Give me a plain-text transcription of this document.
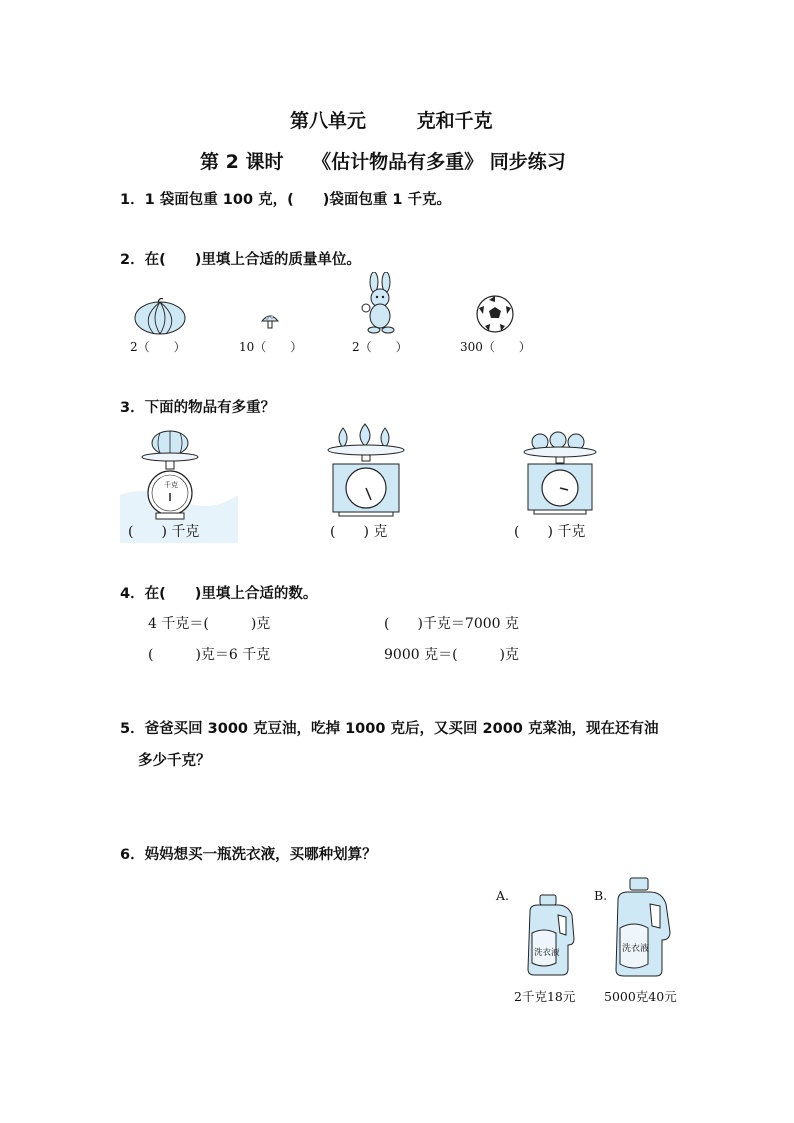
第八单元	克和千克
第 2 课时 《估计物品有多重》 同步练习
1．1 袋面包重 100 克，(　　)袋面包重 1 千克。
2．在(　　)里填上合适的质量单位。
2（　　）	10（　　）	2（　　）	300（　　）
3．下面的物品有多重？
千克
(　　) 千克	(　　) 克	(　　) 千克
4．在(　　)里填上合适的数。
4 千克＝(　　　)克	(　　)千克＝7000 克
(　　　)克＝6 千克	9000 克＝(　　　)克
5．爸爸买回 3000 克豆油，吃掉 1000 克后，又买回 2000 克菜油，现在还有油
多少千克？
6．妈妈想买一瓶洗衣液，买哪种划算？
A.
洗衣液
2千克18元
B.
洗衣液
5000克40元
